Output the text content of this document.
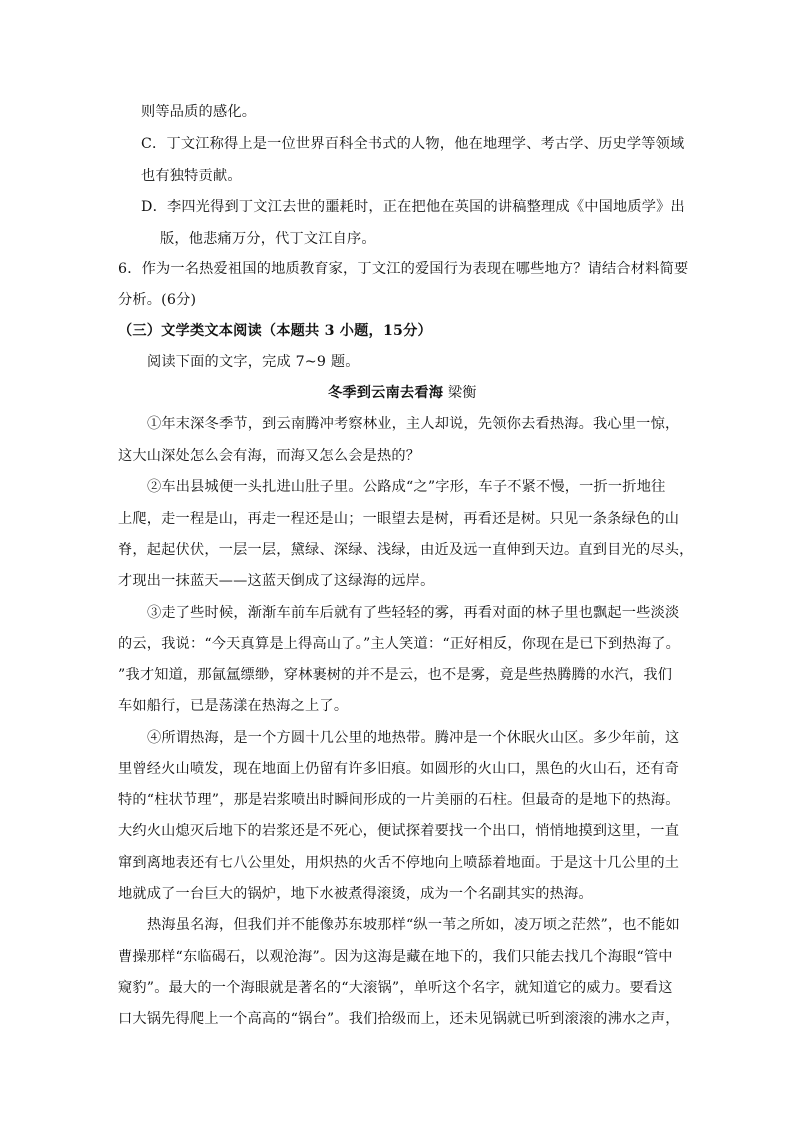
则等品质的感化。
C．丁文江称得上是一位世界百科全书式的人物，他在地理学、考古学、历史学等领域
也有独特贡献。
D．李四光得到丁文江去世的噩耗时，正在把他在英国的讲稿整理成《中国地质学》出
版，他悲痛万分，代丁文江自序。
6．作为一名热爱祖国的地质教育家，丁文江的爱国行为表现在哪些地方？请结合材料简要
分析。(6分)
（三）文学类文本阅读（本题共 3 小题，15分）
阅读下面的文字，完成 7~9 题。
冬季到云南去看海 梁衡
①年末深冬季节，到云南腾冲考察林业，主人却说，先领你去看热海。我心里一惊，
这大山深处怎么会有海，而海又怎么会是热的？
②车出县城便一头扎进山肚子里。公路成“之”字形，车子不紧不慢，一折一折地往
上爬，走一程是山，再走一程还是山；一眼望去是树，再看还是树。只见一条条绿色的山
脊，起起伏伏，一层一层，黛绿、深绿、浅绿，由近及远一直伸到天边。直到目光的尽头，
才现出一抹蓝天——这蓝天倒成了这绿海的远岸。
③走了些时候，渐渐车前车后就有了些轻轻的雾，再看对面的林子里也飘起一些淡淡
的云，我说：“今天真算是上得高山了。”主人笑道：“正好相反，你现在是已下到热海了。
”我才知道，那氤氲缥缈，穿林裹树的并不是云，也不是雾，竟是些热腾腾的水汽，我们
车如船行，已是荡漾在热海之上了。
④所谓热海，是一个方圆十几公里的地热带。腾冲是一个休眠火山区。多少年前，这
里曾经火山喷发，现在地面上仍留有许多旧痕。如圆形的火山口，黑色的火山石，还有奇
特的“柱状节理”，那是岩浆喷出时瞬间形成的一片美丽的石柱。但最奇的是地下的热海。
大约火山熄灭后地下的岩浆还是不死心，便试探着要找一个出口，悄悄地摸到这里，一直
窜到离地表还有七八公里处，用炽热的火舌不停地向上喷舔着地面。于是这十几公里的土
地就成了一台巨大的锅炉，地下水被煮得滚烫，成为一个名副其实的热海。
热海虽名海，但我们并不能像苏东坡那样“纵一苇之所如，凌万顷之茫然”，也不能如
曹操那样“东临碣石，以观沧海”。因为这海是藏在地下的，我们只能去找几个海眼“管中
窥豹”。最大的一个海眼就是著名的“大滚锅”，单听这个名字，就知道它的威力。要看这
口大锅先得爬上一个高高的“锅台”。我们拾级而上，还未见锅就已听到滚滚的沸水之声，
